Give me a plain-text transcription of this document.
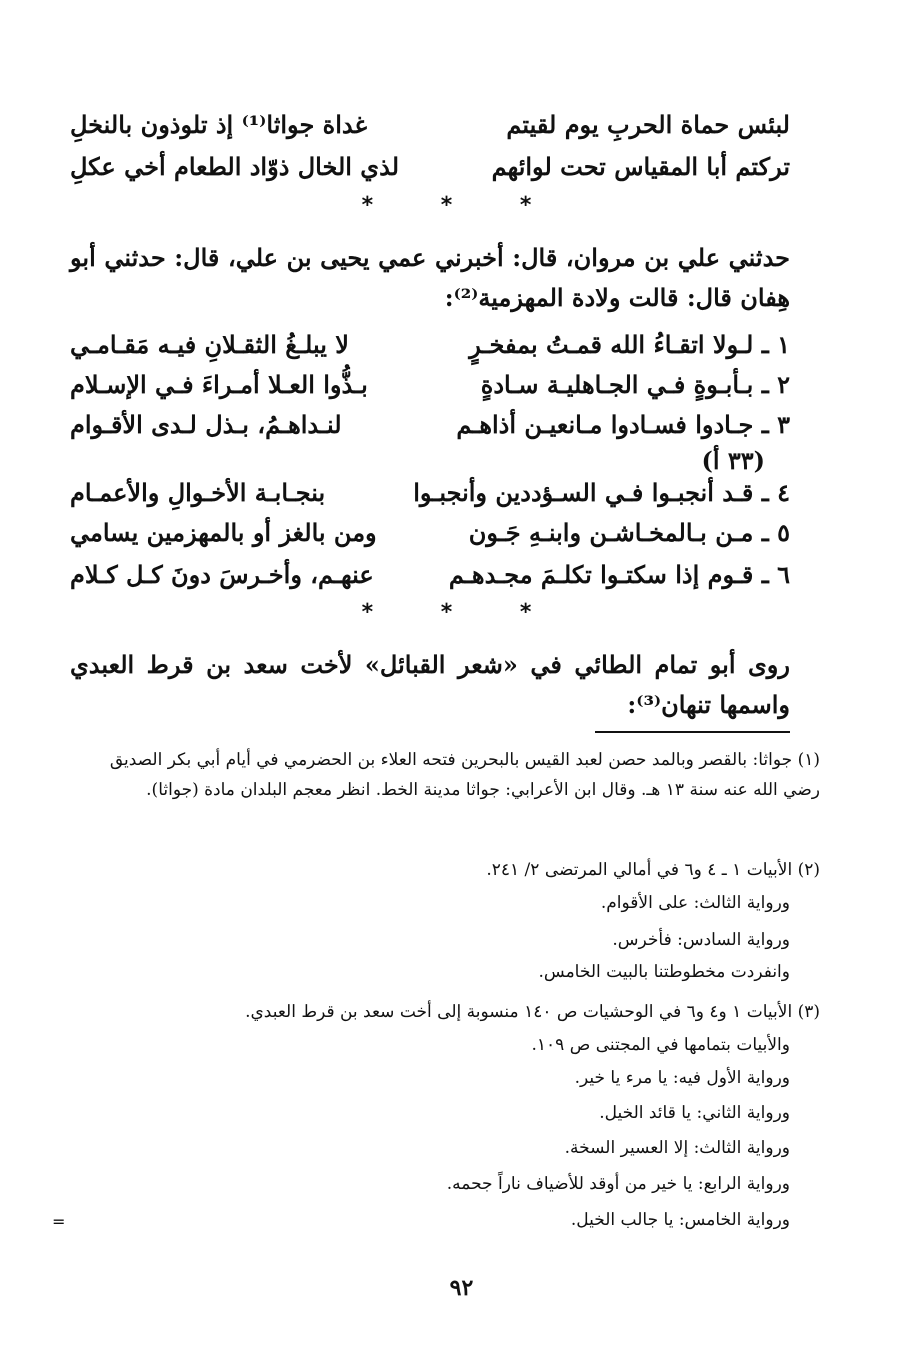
لبئس حماة الحربِ يوم لقيتم
غداة جواثا⁽¹⁾ إذ تلوذون بالنخلِ
تركتم أبا المقياس تحت لوائهم
لذي الخال ذوّاد الطعام أخي عكلِ
* * *
حدثني علي بن مروان، قال: أخبرني عمي يحيى بن علي، قال: حدثني أبو هِفان قال: قالت ولادة المهزمية⁽²⁾:
١ ـ لـولا اتقـاءُ الله قمـتُ بمفخـرٍ
لا يبلـغُ الثقـلانِ فيـه مَقـامـي
٢ ـ بـأبـوةٍ فـي الجـاهليـة سـادةٍ
بـذُّوا العـلا أمـراءَ فـي الإسـلام
٣ ـ جـادوا فسـادوا مـانعيـن أذاهـم
لنـداهـمُ، بـذل لـدى الأقـوام
(٣٣ أ)
٤ ـ قـد أنجبـوا فـي السـؤددين وأنجبـوا
بنجـابـة الأخـوالِ والأعمـام
٥ ـ مـن بـالمخـاشـن وابنـهِ جَـون
ومن بالغز أو بالمهزمين يسامي
٦ ـ قـوم إذا سكتـوا تكلـمَ مجـدهـم
عنهـم، وأخـرسَ دونَ كـل كـلام
* * *
روى أبو تمام الطائي في «شعر القبائل» لأخت سعد بن قرط العبدي واسمها تنهان⁽³⁾:
(١) جواثا: بالقصر وبالمد حصن لعبد القيس بالبحرين فتحه العلاء بن الحضرمي في أيام أبي بكر الصديق رضي الله عنه سنة ١٣ هـ. وقال ابن الأعرابي: جواثا مدينة الخط. انظر معجم البلدان مادة (جواثا).
(٢) الأبيات ١ ـ ٤ و٦ في أمالي المرتضى ٢/ ٢٤١.
ورواية الثالث: على الأقوام.
ورواية السادس: فأخرس.
وانفردت مخطوطتنا بالبيت الخامس.
(٣) الأبيات ١ و٤ و٦ في الوحشيات ص ١٤٠ منسوبة إلى أخت سعد بن قرط العبدي.
والأبيات بتمامها في المجتنى ص ١٠٩.
ورواية الأول فيه: يا مرء يا خير.
ورواية الثاني: يا قائد الخيل.
ورواية الثالث: إلا العسير السخة.
ورواية الرابع: يا خير من أوقد للأضياف ناراً جحمه.
ورواية الخامس: يا جالب الخيل.
=
٩٢
